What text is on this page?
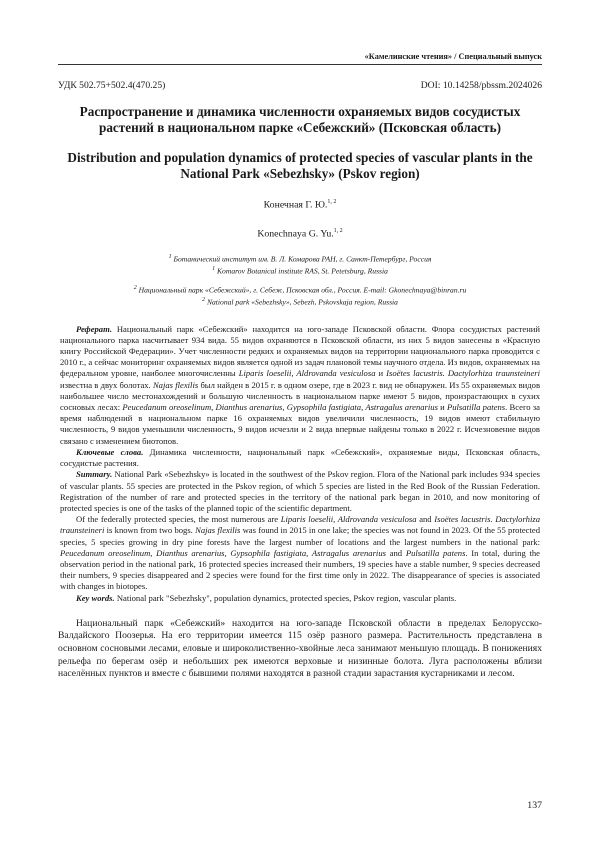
«Камелинские чтения» / Специальный выпуск
УДК 502.75+502.4(470.25)	DOI: 10.14258/pbssm.2024026
Распространение и динамика численности охраняемых видов сосудистых растений в национальном парке «Себежский» (Псковская область)
Distribution and population dynamics of protected species of vascular plants in the National Park «Sebezhsky» (Pskov region)
Конечная Г. Ю.$^{1, 2}$
Konechnaya G. Yu.$^{1, 2}$
$^1$ Ботанический институт им. В. Л. Комарова РАН, г. Санкт-Петербург, Россия
$^1$ Komarov Botanical institute RAS, St. Petetsburg, Russia
$^2$ Национальный парк «Себежский», г. Себеж, Псковская обл., Россия. E-mail: Gkonechnaya@binran.ru
$^2$ National park «Sebezhsky», Sebezh, Pskovskaja region, Russia

Реферат. Национальный парк «Себежский» находится на юго-западе Псковской области. Флора сосудистых растений национального парка насчитывает 934 вида. 55 видов охраняются в Псковской области, из них 5 видов занесены в «Красную книгу Российской Федерации». Учет численности редких и охраняемых видов на территории национального парка проводится с 2010 г., а сейчас мониторинг охраняемых видов является одной из задач плановой темы научного отдела. Из видов, охраняемых на федеральном уровне, наиболее многочисленны Liparis loeselii, Aldrovanda vesiculosa и Isoëtes lacustris. Dactylorhiza traunsteineri известна в двух болотах. Najas flexilis был найден в 2015 г. в одном озере, где в 2023 г. вид не обнаружен. Из 55 охраняемых видов наибольшее число местонахождений и большую численность в национальном парке имеют 5 видов, произрастающих в сухих сосновых лесах: Peucedanum oreoselinum, Dianthus arenarius, Gypsophila fastigiata, Astragalus arenarius и Pulsatilla patens. Всего за время наблюдений в национальном парке 16 охраняемых видов увеличили численность, 19 видов имеют стабильную численность, 9 видов уменьшили численность, 9 видов исчезли и 2 вида впервые найдены только в 2022 г. Исчезновение видов связано с изменением биотопов.

Ключевые слова. Динамика численности, национальный парк «Себежский», охраняемые виды, Псковская область, сосудистые растения.

Summary. National Park «Sebezhsky» is located in the southwest of the Pskov region. Flora of the National park includes 934 species of vascular plants. 55 species are protected in the Pskov region, of which 5 species are listed in the Red Book of the Russian Federation. Registration of the number of rare and protected species in the territory of the national park began in 2010, and now monitoring of protected species is one of the tasks of the planned topic of the scientific department.

Of the federally protected species, the most numerous are Liparis loeselii, Aldrovanda vesiculosa and Isoëtes lacustris. Dactylorhiza traunsteineri is known from two bogs. Najas flexilis was found in 2015 in one lake; the species was not found in 2023. Of the 55 protected species, 5 species growing in dry pine forests have the largest number of locations and the largest numbers in the national park: Peucedanum oreoselinum, Dianthus arenarius, Gypsophila fastigiata, Astragalus arenarius and Pulsatilla patens. In total, during the observation period in the national park, 16 protected species increased their numbers, 19 species have a stable number, 9 species decreased their numbers, 9 species disappeared and 2 species were found for the first time only in 2022. The disappearance of species is associated with changes in biotopes.

Key words. National park "Sebezhsky", population dynamics, protected species, Pskov region, vascular plants.

Национальный парк «Себежский» находится на юго-западе Псковской области в пределах Белорусско-Валдайского Поозерья. На его территории имеется 115 озёр разного размера. Растительность представлена в основном сосновыми лесами, еловые и широколиственно-хвойные леса занимают меньшую площадь. В понижениях рельефа по берегам озёр и небольших рек имеются верховые и низинные болота. Луга расположены вблизи населённых пунктов и вместе с бывшими полями находятся в разной стадии зарастания кустарниками и лесом.

137
